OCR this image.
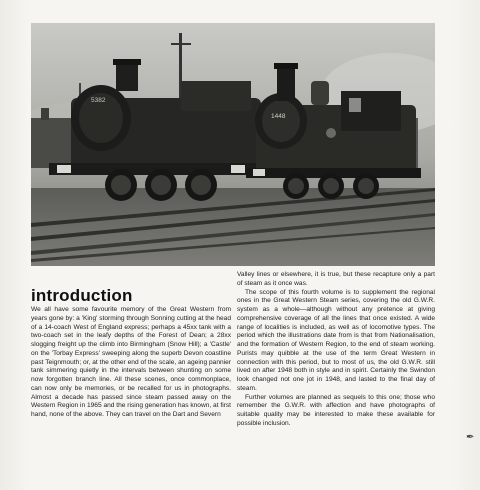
5382
1448
introduction

We all have some favourite memory of the Great Western from years gone by: a 'King' storming through Sonning cutting at the head of a 14-coach West of England express; perhaps a 45xx tank with a two-coach set in the leafy depths of the Forest of Dean; a 28xx slogging freight up the climb into Birmingham (Snow Hill); a 'Castle' on the 'Torbay Express' sweeping along the superb Devon coastline past Teignmouth; or, at the other end of the scale, an ageing pannier tank simmering quietly in the intervals between shunting on some now forgotten branch line. All these scenes, once commonplace, can now only be memories, or be recalled for us in photographs. Almost a decade has passed since steam passed away on the Western Region in 1965 and the rising generation has known, at first hand, none of the above. They can travel on the Dart and Severn

Valley lines or elsewhere, it is true, but these recapture only a part of steam as it once was.

The scope of this fourth volume is to supplement the regional ones in the Great Western Steam series, covering the old G.W.R. system as a whole—although without any pretence at giving comprehensive coverage of all the lines that once existed. A wide range of localities is included, as well as of locomotive types. The period which the illustrations date from is that from Nationalisation, and the formation of Western Region, to the end of steam working. Purists may quibble at the use of the term Great Western in connection with this period, but to most of us, the old G.W.R. still lived on after 1948 both in style and in spirit. Certainly the Swindon look changed not one jot in 1948, and lasted to the final day of steam.

Further volumes are planned as sequels to this one; those who remember the G.W.R. with affection and have photographs of suitable quality may be interested to make these available for possible inclusion.

✒
